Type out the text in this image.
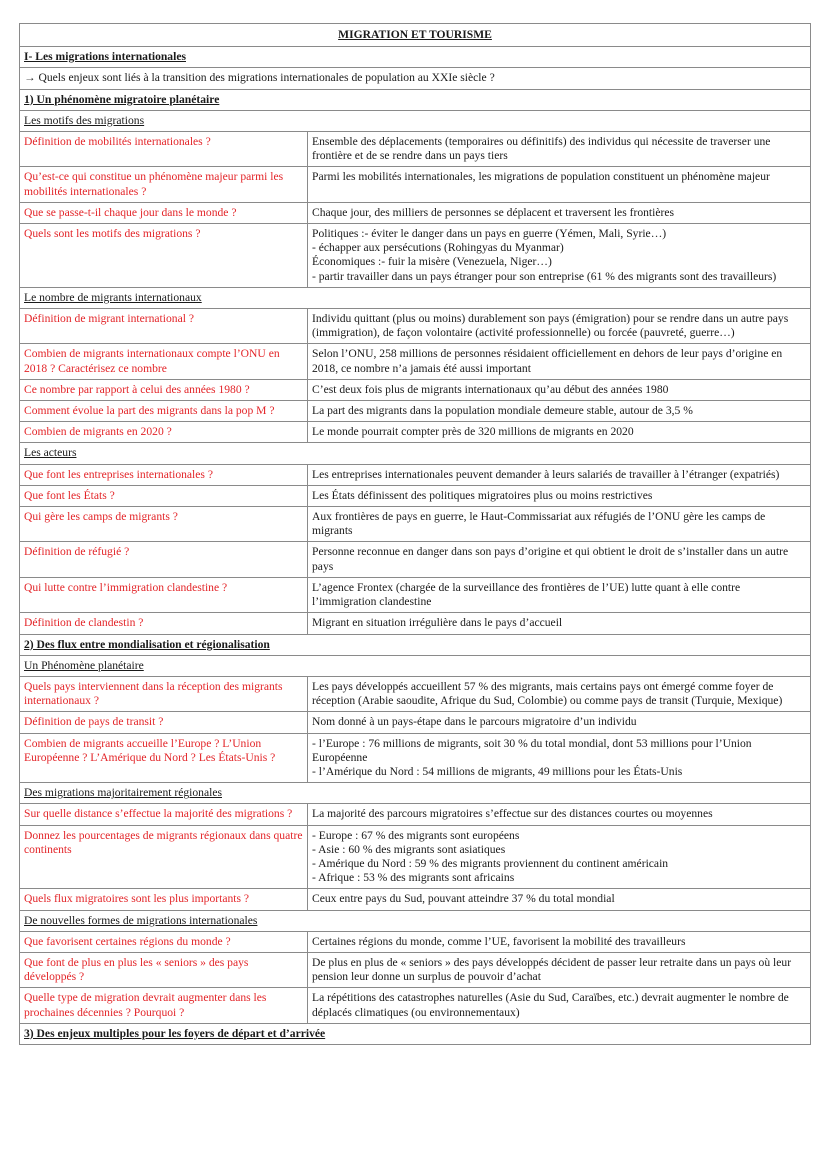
MIGRATION ET TOURISME	
I- Les migrations internationales	
→ Quels enjeux sont liés à la transition des migrations internationales de population au XXIe siècle ?	
1) Un phénomène migratoire planétaire	
Les motifs des migrations	
Définition de mobilités internationales ?	Ensemble des déplacements (temporaires ou définitifs) des individus qui nécessite de traverser une frontière et de se rendre dans un pays tiers

Qu’est-ce qui constitue un phénomène majeur parmi les mobilités internationales ?	Parmi les mobilités internationales, les migrations de population constituent un phénomène majeur

Que se passe-t-il chaque jour dans le monde ?	Chaque jour, des milliers de personnes se déplacent et traversent les frontières

Quels sont les motifs des migrations ?	Politiques :- éviter le danger dans un pays en guerre (Yémen, Mali, Syrie…)
- échapper aux persécutions (Rohingyas du Myanmar)
Économiques :- fuir la misère (Venezuela, Niger…)
- partir travailler dans un pays étranger pour son entreprise (61 % des migrants sont des travailleurs)

Le nombre de migrants internationaux	
Définition de migrant international ?	Individu quittant (plus ou moins) durablement son pays (émigration) pour se rendre dans un autre pays (immigration), de façon volontaire (activité professionnelle) ou forcée (pauvreté, guerre…)

Combien de migrants internationaux compte l’ONU en 2018 ? Caractérisez ce nombre	Selon l’ONU, 258 millions de personnes résidaient officiellement en dehors de leur pays d’origine en 2018, ce nombre n’a jamais été aussi important

Ce nombre par rapport à celui des années 1980 ?	C’est deux fois plus de migrants internationaux qu’au début des années 1980

Comment évolue la part des migrants dans la pop M ?	La part des migrants dans la population mondiale demeure stable, autour de 3,5 %

Combien de migrants en 2020 ?	Le monde pourrait compter près de 320 millions de migrants en 2020

Les acteurs	
Que font les entreprises internationales ?	Les entreprises internationales peuvent demander à leurs salariés de travailler à l’étranger (expatriés)

Que font les États ?	Les États définissent des politiques migratoires plus ou moins restrictives

Qui gère les camps de migrants ?	Aux frontières de pays en guerre, le Haut-Commissariat aux réfugiés de l’ONU gère les camps de migrants

Définition de réfugié ?	Personne reconnue en danger dans son pays d’origine et qui obtient le droit de s’installer dans un autre pays

Qui lutte contre l’immigration clandestine ?	L’agence Frontex (chargée de la surveillance des frontières de l’UE) lutte quant à elle contre l’immigration clandestine

Définition de clandestin ?	Migrant en situation irrégulière dans le pays d’accueil

2) Des flux entre mondialisation et régionalisation	
Un Phénomène planétaire	
Quels pays interviennent dans la réception des migrants internationaux ?	Les pays développés accueillent 57 % des migrants, mais certains pays ont émergé comme foyer de réception (Arabie saoudite, Afrique du Sud, Colombie) ou comme pays de transit (Turquie, Mexique)

Définition de pays de transit ?	Nom donné à un pays-étape dans le parcours migratoire d’un individu

Combien de migrants accueille l’Europe ? L’Union Européenne ? L’Amérique du Nord ? Les États-Unis ?	- l’Europe : 76 millions de migrants, soit 30 % du total mondial, dont 53 millions pour l’Union Européenne
- l’Amérique du Nord : 54 millions de migrants, 49 millions pour les États-Unis

Des migrations majoritairement régionales	
Sur quelle distance s’effectue la majorité des migrations ?	La majorité des parcours migratoires s’effectue sur des distances courtes ou moyennes

Donnez les pourcentages de migrants régionaux dans quatre continents	- Europe : 67 % des migrants sont européens
- Asie : 60 % des migrants sont asiatiques
- Amérique du Nord : 59 % des migrants proviennent du continent américain
- Afrique : 53 % des migrants sont africains

Quels flux migratoires sont les plus importants ?	Ceux entre pays du Sud, pouvant atteindre 37 % du total mondial

De nouvelles formes de migrations internationales	
Que favorisent certaines régions du monde ?	Certaines régions du monde, comme l’UE, favorisent la mobilité des travailleurs

Que font de plus en plus les « seniors » des pays développés ?	De plus en plus de « seniors » des pays développés décident de passer leur retraite dans un pays où leur pension leur donne un surplus de pouvoir d’achat

Quelle type de migration devrait augmenter dans les prochaines décennies ? Pourquoi ?	La répétitions des catastrophes naturelles (Asie du Sud, Caraïbes, etc.) devrait augmenter le nombre de déplacés climatiques (ou environnementaux)

3) Des enjeux multiples pour les foyers de départ et d’arrivée	
